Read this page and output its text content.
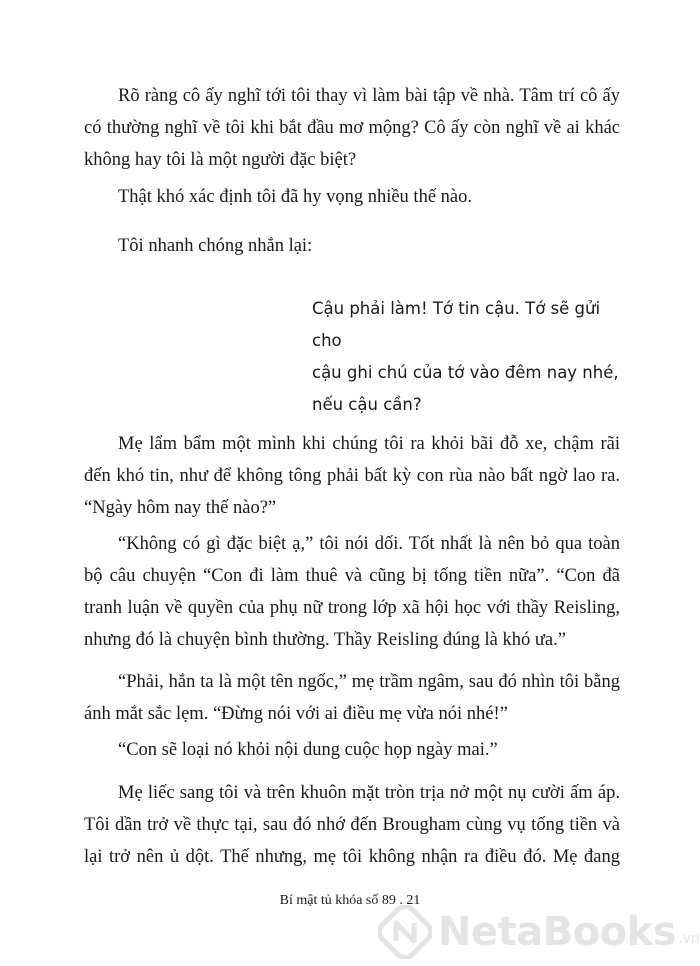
Rõ ràng cô ấy nghĩ tới tôi thay vì làm bài tập về nhà. Tâm trí cô ấy
có thường nghĩ về tôi khi bắt đầu mơ mộng? Cô ấy còn nghĩ về ai khác
không hay tôi là một người đặc biệt?

Thật khó xác định tôi đã hy vọng nhiều thế nào.

Tôi nhanh chóng nhắn lại:

Cậu phải làm! Tớ tin cậu. Tớ sẽ gửi cho
cậu ghi chú của tớ vào đêm nay nhé,
nếu cậu cần?

Mẹ lẩm bẩm một mình khi chúng tôi ra khỏi bãi đỗ xe, chậm rãi
đến khó tin, như để không tông phải bất kỳ con rùa nào bất ngờ lao ra.
“Ngày hôm nay thế nào?”

“Không có gì đặc biệt ạ,” tôi nói dối. Tốt nhất là nên bỏ qua toàn
bộ câu chuyện “Con đi làm thuê và cũng bị tống tiền nữa”. “Con đã
tranh luận về quyền của phụ nữ trong lớp xã hội học với thầy Reisling,
nhưng đó là chuyện bình thường. Thầy Reisling đúng là khó ưa.”

“Phải, hắn ta là một tên ngốc,” mẹ trầm ngâm, sau đó nhìn tôi bằng
ánh mắt sắc lẹm. “Đừng nói với ai điều mẹ vừa nói nhé!”

“Con sẽ loại nó khỏi nội dung cuộc họp ngày mai.”

Mẹ liếc sang tôi và trên khuôn mặt tròn trịa nở một nụ cười ấm áp.
Tôi dần trở về thực tại, sau đó nhớ đến Brougham cùng vụ tống tiền và
lại trở nên ủ dột. Thế nhưng, mẹ tôi không nhận ra điều đó. Mẹ đang

Bí mật tủ khóa số 89 . 21
NetaBooks .vn
